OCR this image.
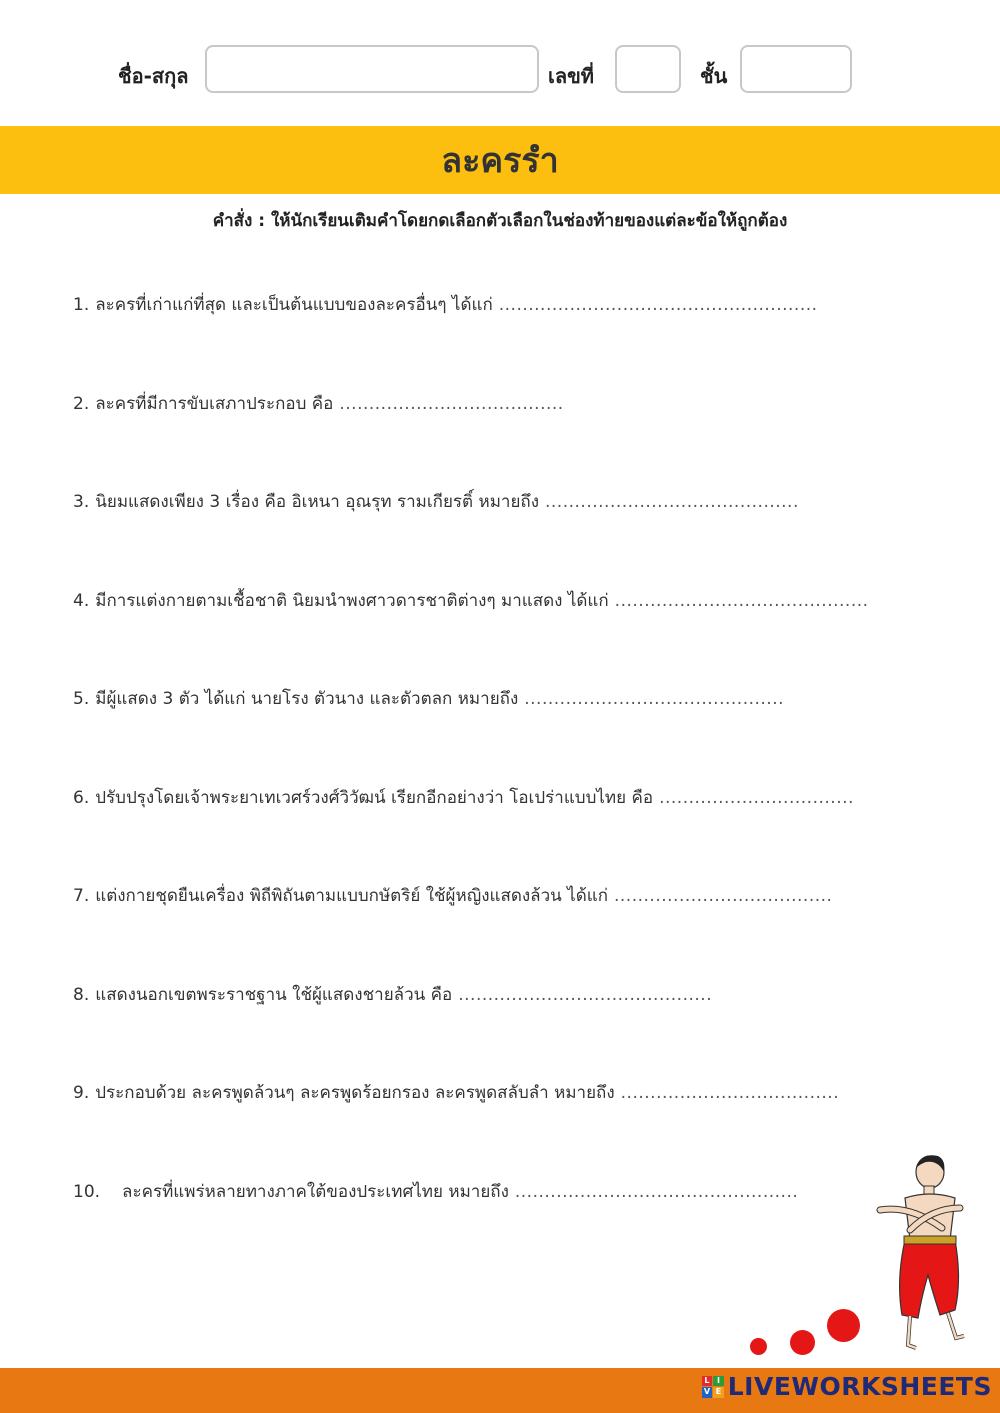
ชื่อ-สกุล	เลขที่	ชั้น
ละครรำ
คำสั่ง : ให้นักเรียนเติมคำโดยกดเลือกตัวเลือกในช่องท้ายของแต่ละข้อให้ถูกต้อง
1. ละครที่เก่าแก่ที่สุด และเป็นต้นแบบของละครอื่นๆ ได้แก่ ......................................................
2. ละครที่มีการขับเสภาประกอบ คือ ......................................
3. นิยมแสดงเพียง 3 เรื่อง คือ อิเหนา อุณรุท รามเกียรติ์ หมายถึง ...........................................
4. มีการแต่งกายตามเชื้อชาติ นิยมนำพงศาวดารชาติต่างๆ มาแสดง ได้แก่ ...........................................
5. มีผู้แสดง 3 ตัว ได้แก่ นายโรง ตัวนาง และตัวตลก หมายถึง ............................................
6. ปรับปรุงโดยเจ้าพระยาเทเวศร์วงศ์วิวัฒน์ เรียกอีกอย่างว่า โอเปร่าแบบไทย คือ .................................
7. แต่งกายชุดยืนเครื่อง พิถีพิถันตามแบบกษัตริย์ ใช้ผู้หญิงแสดงล้วน ได้แก่ .....................................
8. แสดงนอกเขตพระราชฐาน ใช้ผู้แสดงชายล้วน คือ ...........................................
9. ประกอบด้วย ละครพูดล้วนๆ ละครพูดร้อยกรอง ละครพูดสลับลำ หมายถึง .....................................
10. ละครที่แพร่หลายทางภาคใต้ของประเทศไทย หมายถึง ................................................
L I
V E LIVEWORKSHEETS
